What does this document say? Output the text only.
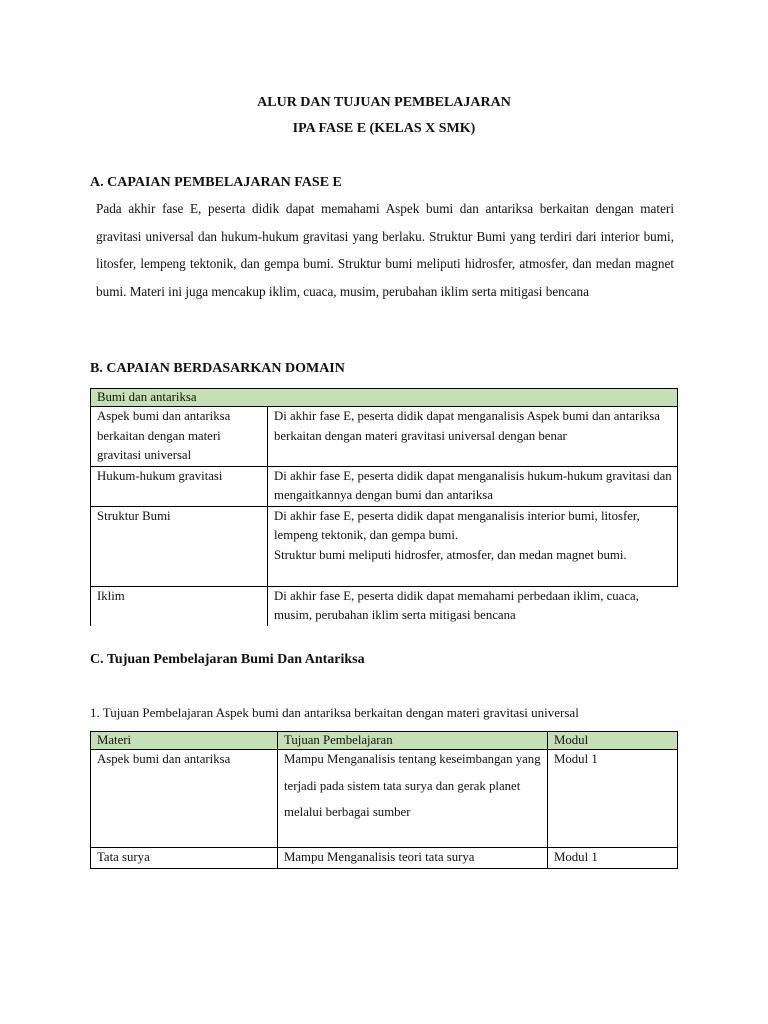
ALUR DAN TUJUAN PEMBELAJARAN
IPA FASE E (KELAS X SMK)
A. CAPAIAN PEMBELAJARAN FASE E
Pada akhir fase E, peserta didik dapat memahami Aspek bumi dan antariksa berkaitan dengan materi gravitasi universal dan hukum-hukum gravitasi yang berlaku. Struktur Bumi yang terdiri dari interior bumi, litosfer, lempeng tektonik, dan gempa bumi. Struktur bumi meliputi hidrosfer, atmosfer, dan medan magnet bumi. Materi ini juga mencakup iklim, cuaca, musim, perubahan iklim serta mitigasi bencana
B. CAPAIAN BERDASARKAN DOMAIN
Bumi dan antariksa	
Aspek bumi dan antariksa berkaitan dengan materi gravitasi universal	Di akhir fase E, peserta didik dapat menganalisis Aspek bumi dan antariksa berkaitan dengan materi gravitasi universal dengan benar
Hukum-hukum gravitasi	Di akhir fase E, peserta didik dapat menganalisis hukum-hukum gravitasi dan mengaitkannya dengan bumi dan antariksa
Struktur Bumi	Di akhir fase E, peserta didik dapat menganalisis interior bumi, litosfer, lempeng tektonik, dan gempa bumi.
Struktur bumi meliputi hidrosfer, atmosfer, dan medan magnet bumi.

Iklim	Di akhir fase E, peserta didik dapat memahami perbedaan iklim, cuaca, musim, perubahan iklim serta mitigasi bencana
C. Tujuan Pembelajaran Bumi Dan Antariksa
1. Tujuan Pembelajaran Aspek bumi dan antariksa berkaitan dengan materi gravitasi universal
Materi	Tujuan Pembelajaran	Modul
Aspek bumi dan antariksa	Mampu Menganalisis tentang keseimbangan yang terjadi pada sistem tata surya dan gerak planet melalui berbagai sumber	Modul 1
Tata surya	Mampu Menganalisis teori tata surya	Modul 1
